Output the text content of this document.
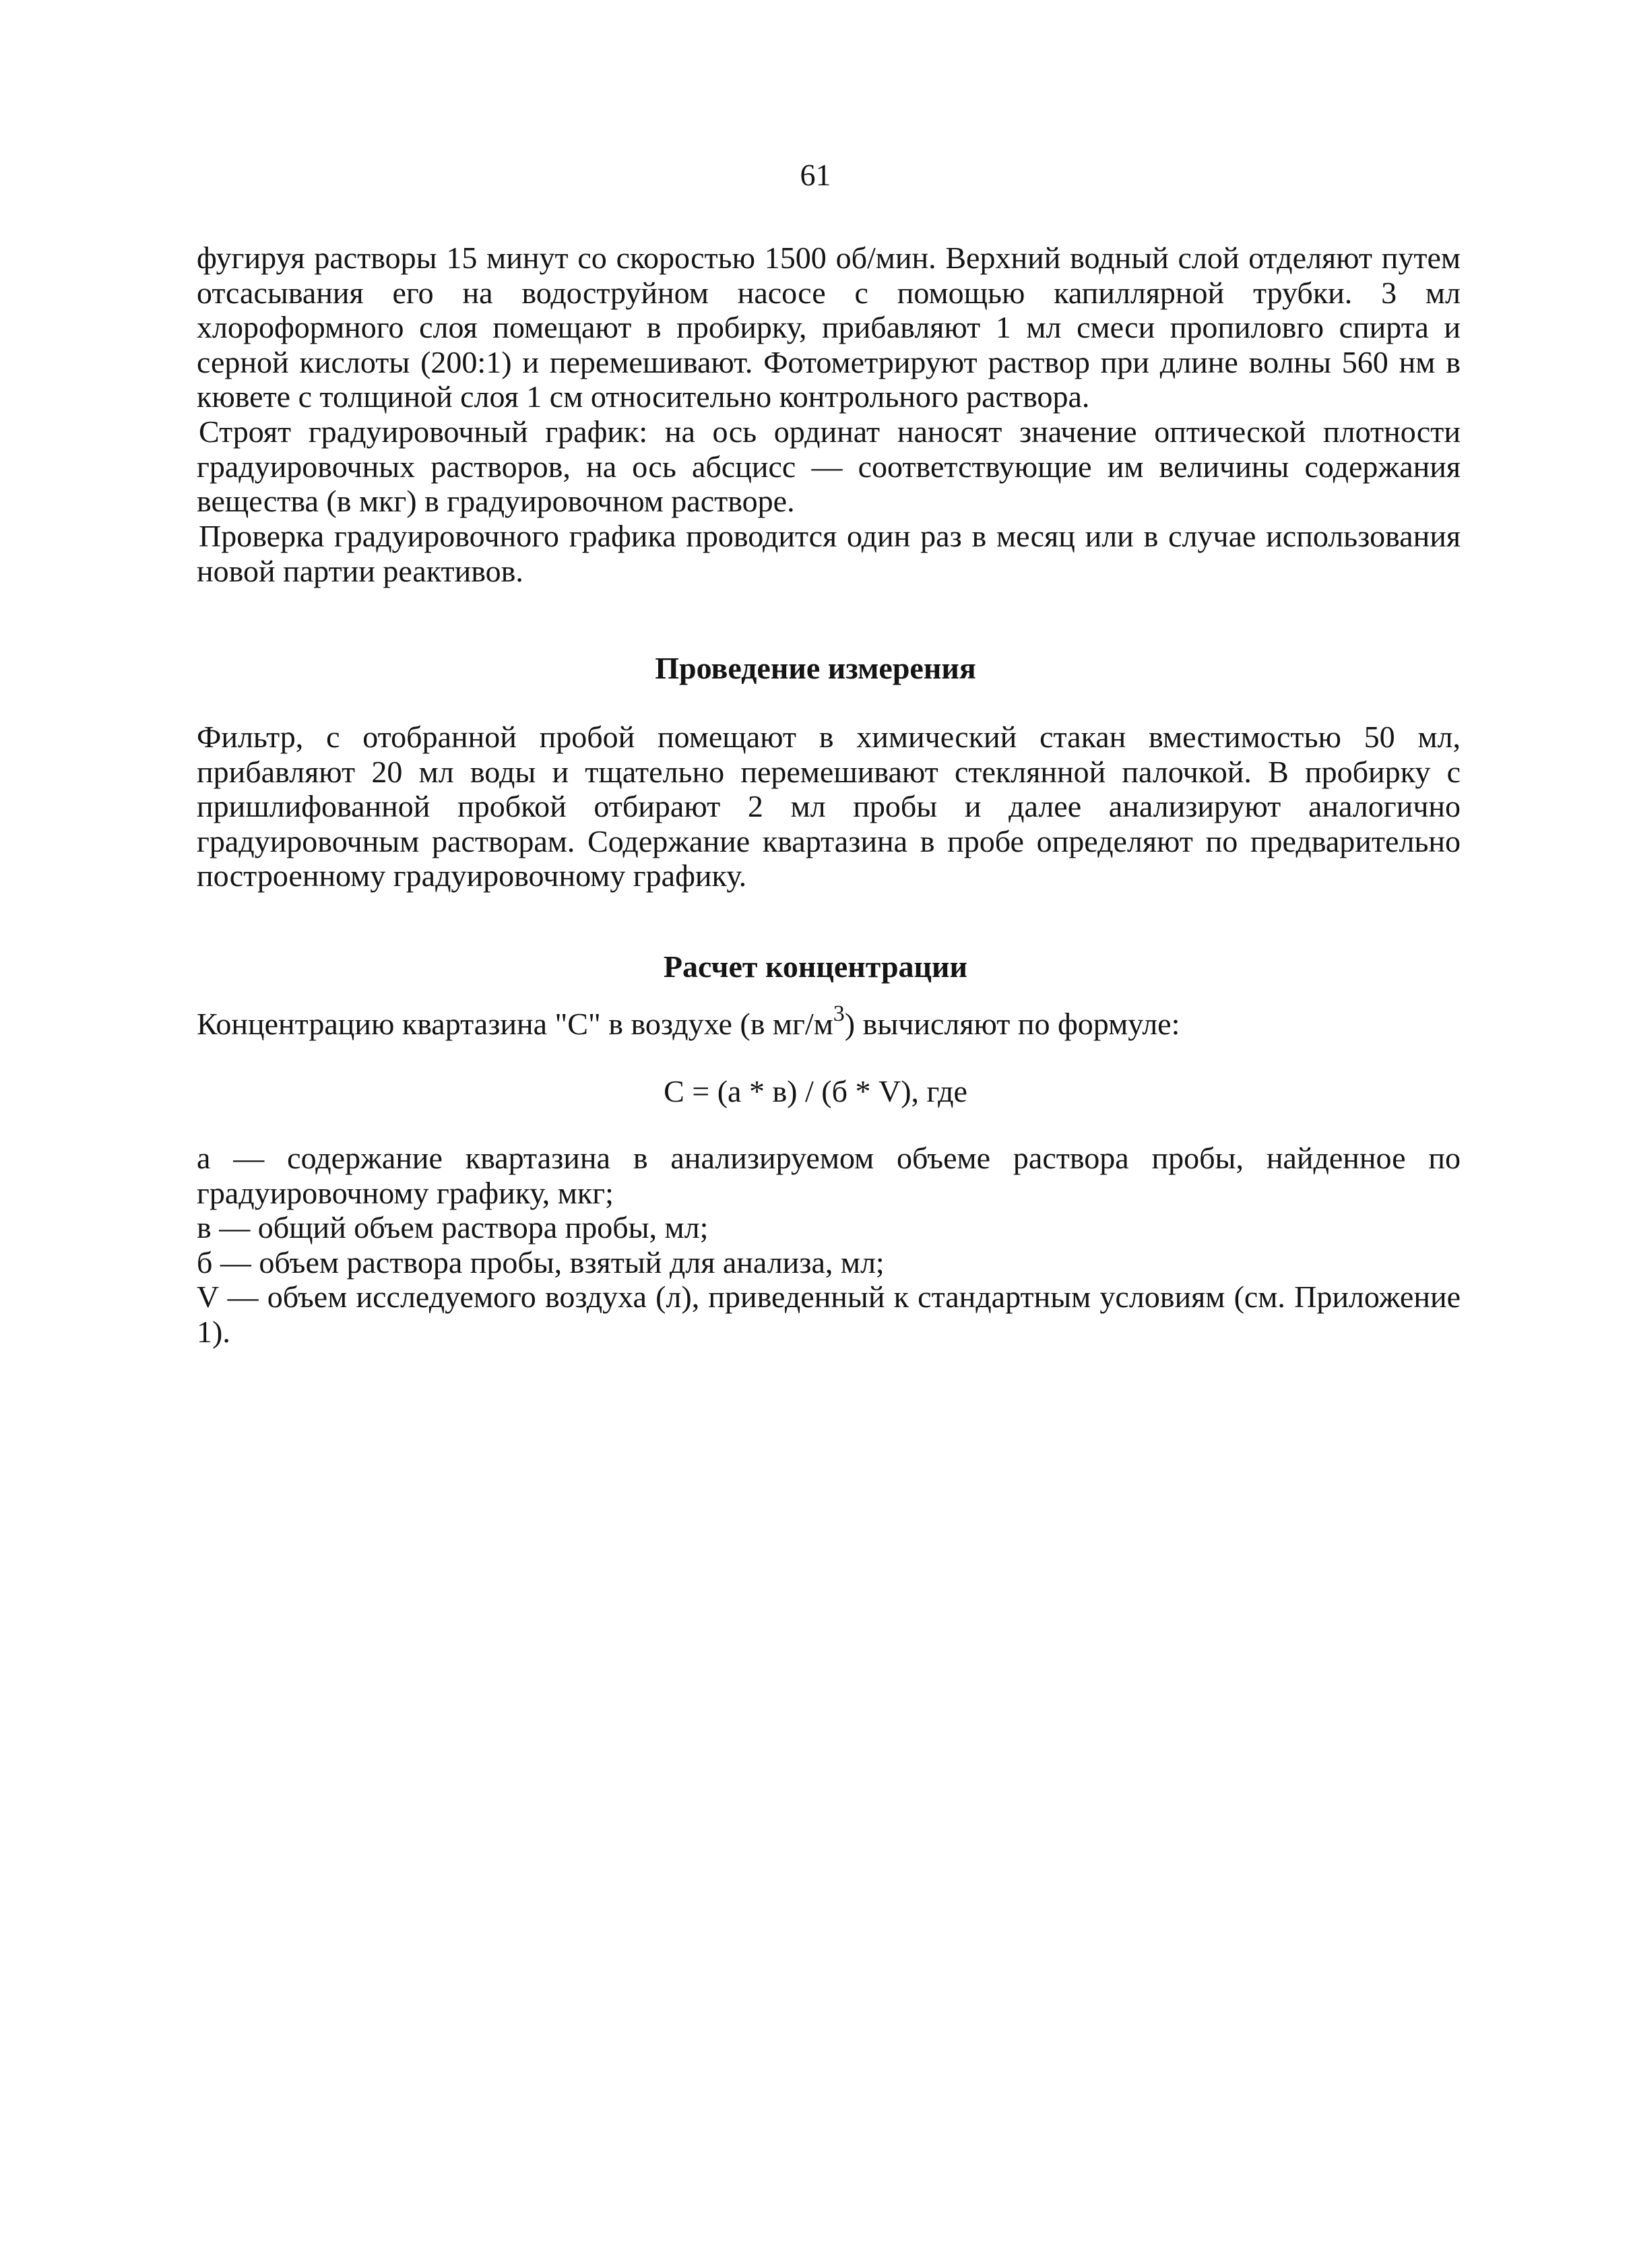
61

фугируя растворы 15 минут со скоростью 1500 об/мин. Верхний водный слой отделяют путем отсасывания его на водоструйном насосе с помощью капиллярной трубки. 3 мл хлороформного слоя помещают в пробирку, прибавляют 1 мл смеси пропиловго спирта и серной кислоты (200:1) и перемешивают. Фотометрируют раствор при длине волны 560 нм в кювете с толщиной слоя 1 см относительно контрольного раствора.

Строят градуировочный график: на ось ординат наносят значение оптической плотности градуировочных растворов, на ось абсцисс — соответствующие им величины содержания вещества (в мкг) в градуировочном растворе.

Проверка градуировочного графика проводится один раз в месяц или в случае использования новой партии реактивов.

Проведение измерения

Фильтр, с отобранной пробой помещают в химический стакан вместимостью 50 мл, прибавляют 20 мл воды и тщательно перемешивают стеклянной палочкой. В пробирку с пришлифованной пробкой отбирают 2 мл пробы и далее анализируют аналогично градуировочным растворам. Содержание квартазина в пробе определяют по предварительно построенному градуировочному графику.

Расчет концентрации

Концентрацию квартазина "С" в воздухе (в $мг/м^3$) вычисляют по формуле:

С = (а * в) / (б * V), где

а — содержание квартазина в анализируемом объеме раствора пробы, найденное по градуировочному графику, мкг;
в — общий объем раствора пробы, мл;
б — объем раствора пробы, взятый для анализа, мл;
V — объем исследуемого воздуха (л), приведенный к стандартным условиям (см. Приложение 1).
